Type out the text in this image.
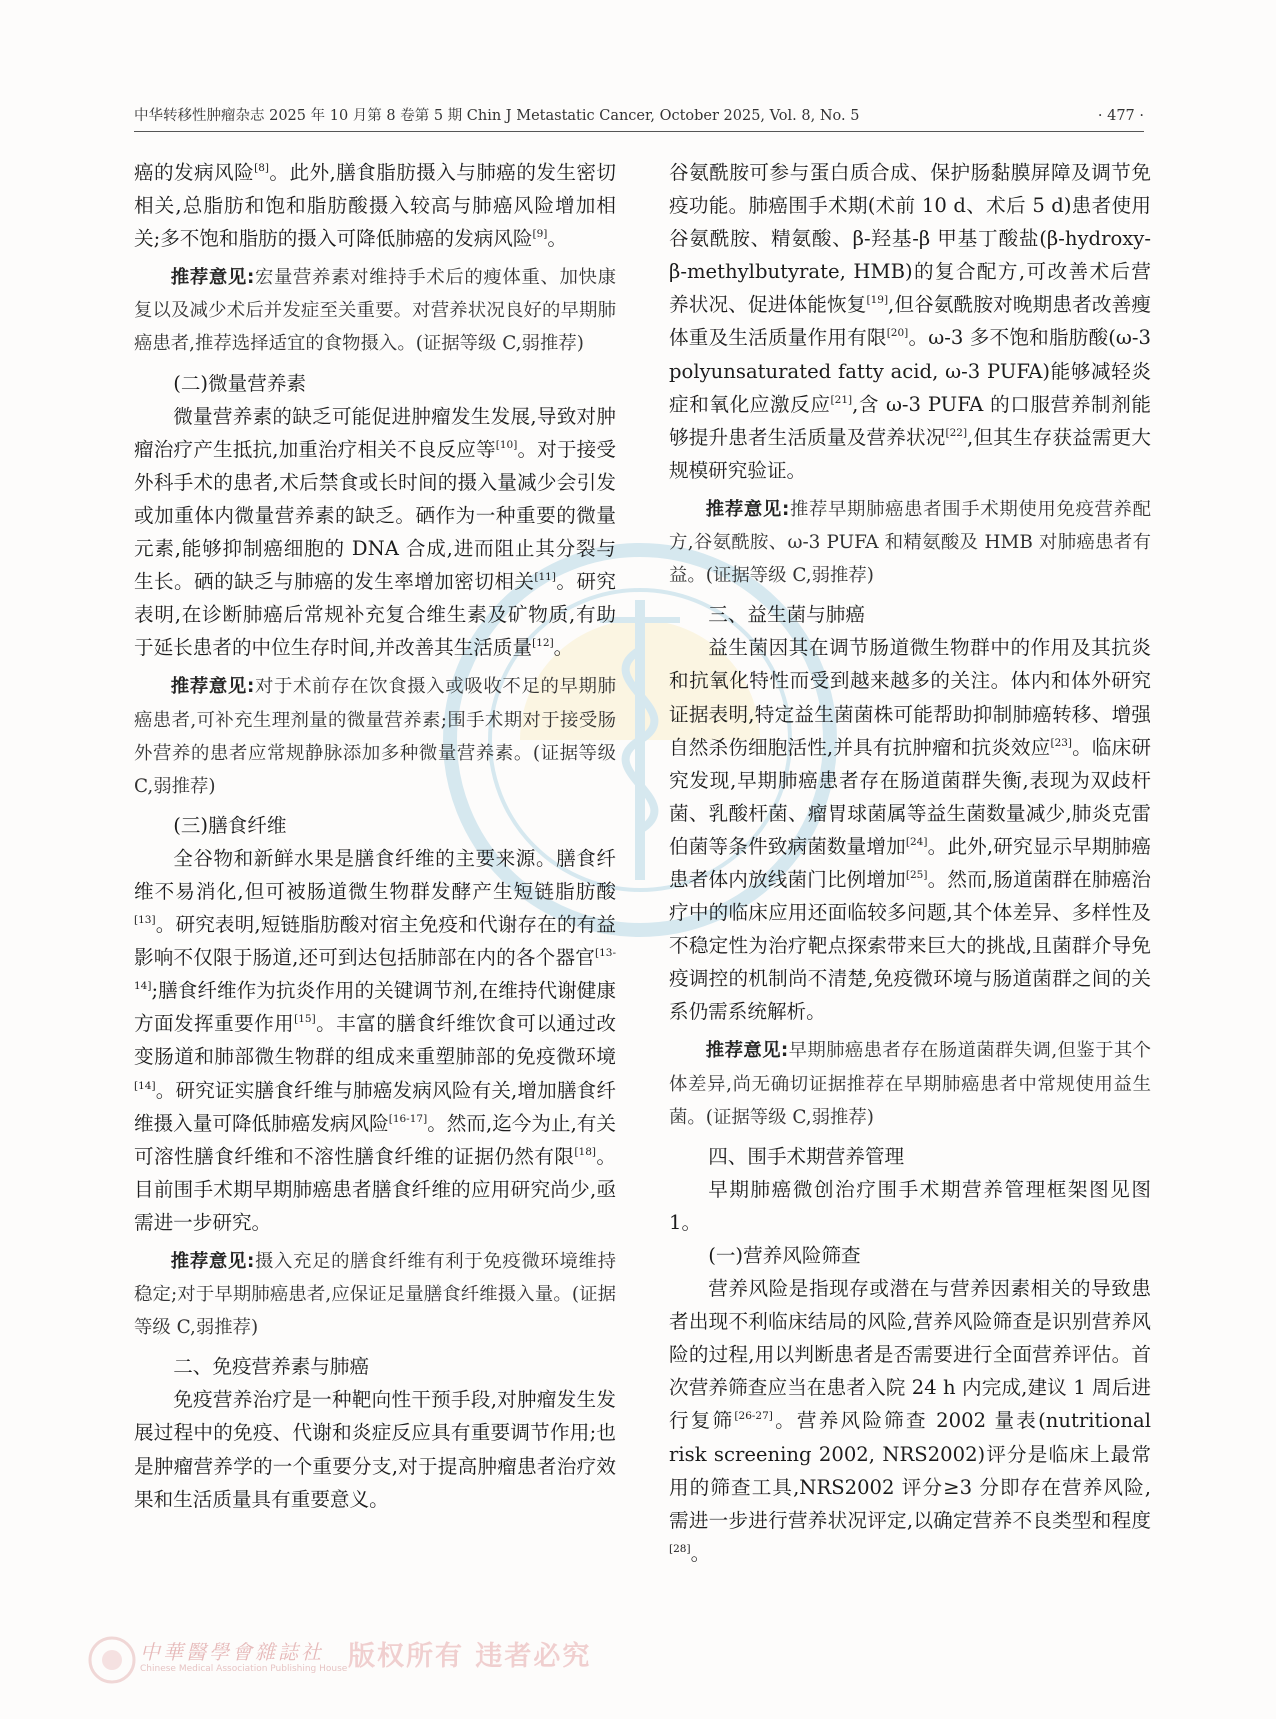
中华转移性肿瘤杂志 2025 年 10 月第 8 卷第 5 期 Chin J Metastatic Cancer, October 2025, Vol. 8, No. 5	· 477 ·

癌的发病风险[8]。此外,膳食脂肪摄入与肺癌的发生密切相关,总脂肪和饱和脂肪酸摄入较高与肺癌风险增加相关;多不饱和脂肪的摄入可降低肺癌的发病风险[9]。

推荐意见:宏量营养素对维持手术后的瘦体重、加快康复以及减少术后并发症至关重要。对营养状况良好的早期肺癌患者,推荐选择适宜的食物摄入。(证据等级 C,弱推荐)

(二)微量营养素

微量营养素的缺乏可能促进肿瘤发生发展,导致对肿瘤治疗产生抵抗,加重治疗相关不良反应等[10]。对于接受外科手术的患者,术后禁食或长时间的摄入量减少会引发或加重体内微量营养素的缺乏。硒作为一种重要的微量元素,能够抑制癌细胞的 DNA 合成,进而阻止其分裂与生长。硒的缺乏与肺癌的发生率增加密切相关[11]。研究表明,在诊断肺癌后常规补充复合维生素及矿物质,有助于延长患者的中位生存时间,并改善其生活质量[12]。

推荐意见:对于术前存在饮食摄入或吸收不足的早期肺癌患者,可补充生理剂量的微量营养素;围手术期对于接受肠外营养的患者应常规静脉添加多种微量营养素。(证据等级 C,弱推荐)

(三)膳食纤维

全谷物和新鲜水果是膳食纤维的主要来源。膳食纤维不易消化,但可被肠道微生物群发酵产生短链脂肪酸[13]。研究表明,短链脂肪酸对宿主免疫和代谢存在的有益影响不仅限于肠道,还可到达包括肺部在内的各个器官[13-14];膳食纤维作为抗炎作用的关键调节剂,在维持代谢健康方面发挥重要作用[15]。丰富的膳食纤维饮食可以通过改变肠道和肺部微生物群的组成来重塑肺部的免疫微环境[14]。研究证实膳食纤维与肺癌发病风险有关,增加膳食纤维摄入量可降低肺癌发病风险[16-17]。然而,迄今为止,有关可溶性膳食纤维和不溶性膳食纤维的证据仍然有限[18]。目前围手术期早期肺癌患者膳食纤维的应用研究尚少,亟需进一步研究。

推荐意见:摄入充足的膳食纤维有利于免疫微环境维持稳定;对于早期肺癌患者,应保证足量膳食纤维摄入量。(证据等级 C,弱推荐)

二、免疫营养素与肺癌

免疫营养治疗是一种靶向性干预手段,对肿瘤发生发展过程中的免疫、代谢和炎症反应具有重要调节作用;也是肿瘤营养学的一个重要分支,对于提高肿瘤患者治疗效果和生活质量具有重要意义。

谷氨酰胺可参与蛋白质合成、保护肠黏膜屏障及调节免疫功能。肺癌围手术期(术前 10 d、术后 5 d)患者使用谷氨酰胺、精氨酸、β-羟基-β 甲基丁酸盐(β-hydroxy-β-methylbutyrate, HMB)的复合配方,可改善术后营养状况、促进体能恢复[19],但谷氨酰胺对晚期患者改善瘦体重及生活质量作用有限[20]。ω-3 多不饱和脂肪酸(ω-3 polyunsaturated fatty acid, ω-3 PUFA)能够减轻炎症和氧化应激反应[21],含 ω-3 PUFA 的口服营养制剂能够提升患者生活质量及营养状况[22],但其生存获益需更大规模研究验证。

推荐意见:推荐早期肺癌患者围手术期使用免疫营养配方,谷氨酰胺、ω-3 PUFA 和精氨酸及 HMB 对肺癌患者有益。(证据等级 C,弱推荐)

三、益生菌与肺癌

益生菌因其在调节肠道微生物群中的作用及其抗炎和抗氧化特性而受到越来越多的关注。体内和体外研究证据表明,特定益生菌菌株可能帮助抑制肺癌转移、增强自然杀伤细胞活性,并具有抗肿瘤和抗炎效应[23]。临床研究发现,早期肺癌患者存在肠道菌群失衡,表现为双歧杆菌、乳酸杆菌、瘤胃球菌属等益生菌数量减少,肺炎克雷伯菌等条件致病菌数量增加[24]。此外,研究显示早期肺癌患者体内放线菌门比例增加[25]。然而,肠道菌群在肺癌治疗中的临床应用还面临较多问题,其个体差异、多样性及不稳定性为治疗靶点探索带来巨大的挑战,且菌群介导免疫调控的机制尚不清楚,免疫微环境与肠道菌群之间的关系仍需系统解析。

推荐意见:早期肺癌患者存在肠道菌群失调,但鉴于其个体差异,尚无确切证据推荐在早期肺癌患者中常规使用益生菌。(证据等级 C,弱推荐)

四、围手术期营养管理

早期肺癌微创治疗围手术期营养管理框架图见图 1。

(一)营养风险筛查

营养风险是指现存或潜在与营养因素相关的导致患者出现不利临床结局的风险,营养风险筛查是识别营养风险的过程,用以判断患者是否需要进行全面营养评估。首次营养筛查应当在患者入院 24 h 内完成,建议 1 周后进行复筛[26-27]。营养风险筛查 2002 量表(nutritional risk screening 2002, NRS2002)评分是临床上最常用的筛查工具,NRS2002 评分≥3 分即存在营养风险,需进一步进行营养状况评定,以确定营养不良类型和程度[28]。

中華醫學會雜誌社
Chinese Medical Association Publishing House 版权所有 违者必究
